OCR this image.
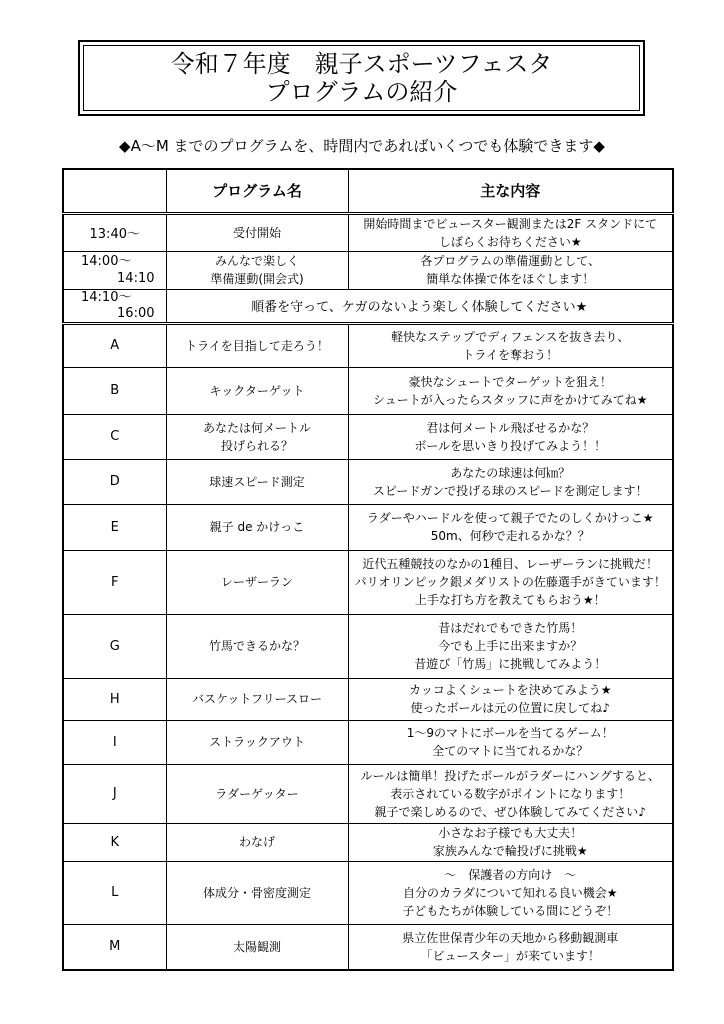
令和７年度　親子スポーツフェスタ
プログラムの紹介
◆A～M までのプログラムを、時間内であればいくつでも体験できます◆
	プログラム名	主な内容
13:40～	受付開始	開始時間までビュースター観測または2F スタンドにて
しばらくお待ちください★

14:00～
14:10	みんなで楽しく
準備運動(開会式)	各プログラムの準備運動として、
簡単な体操で体をほぐします！

14:10～
16:00	順番を守って、ケガのないよう楽しく体験してください★	
A	トライを目指して走ろう！	軽快なステップでディフェンスを抜き去り、
トライを奪おう！

B	キックターゲット	豪快なシュートでターゲットを狙え！
シュートが入ったらスタッフに声をかけてみてね★

C	あなたは何メートル
投げられる？	君は何メートル飛ばせるかな？
ボールを思いきり投げてみよう！！

D	球速スピード測定	あなたの球速は何㎞？
スピードガンで投げる球のスピードを測定します！

E	親子 de かけっこ	ラダーやハードルを使って親子でたのしくかけっこ★
50m、何秒で走れるかな？？

F	レーザーラン	近代五種競技のなかの1種目、レーザーランに挑戦だ！
パリオリンピック銀メダリストの佐藤選手がきています！
上手な打ち方を教えてもらおう★！

G	竹馬できるかな？	昔はだれでもできた竹馬！
今でも上手に出来ますか？
昔遊び「竹馬」に挑戦してみよう！

H	バスケットフリースロー	カッコよくシュートを決めてみよう★
使ったボールは元の位置に戻してね♪

I	ストラックアウト	1～9のマトにボールを当てるゲーム！
全てのマトに当てれるかな？

J	ラダーゲッター	ルールは簡単！投げたボールがラダーにハングすると、
表示されている数字がポイントになります！
親子で楽しめるので、ぜひ体験してみてください♪

K	わなげ	小さなお子様でも大丈夫！
家族みんなで輪投げに挑戦★

L	体成分・骨密度測定	～　保護者の方向け　～
自分のカラダについて知れる良い機会★
子どもたちが体験している間にどうぞ！

M	太陽観測	県立佐世保青少年の天地から移動観測車
「ビュースター」が来ています！
